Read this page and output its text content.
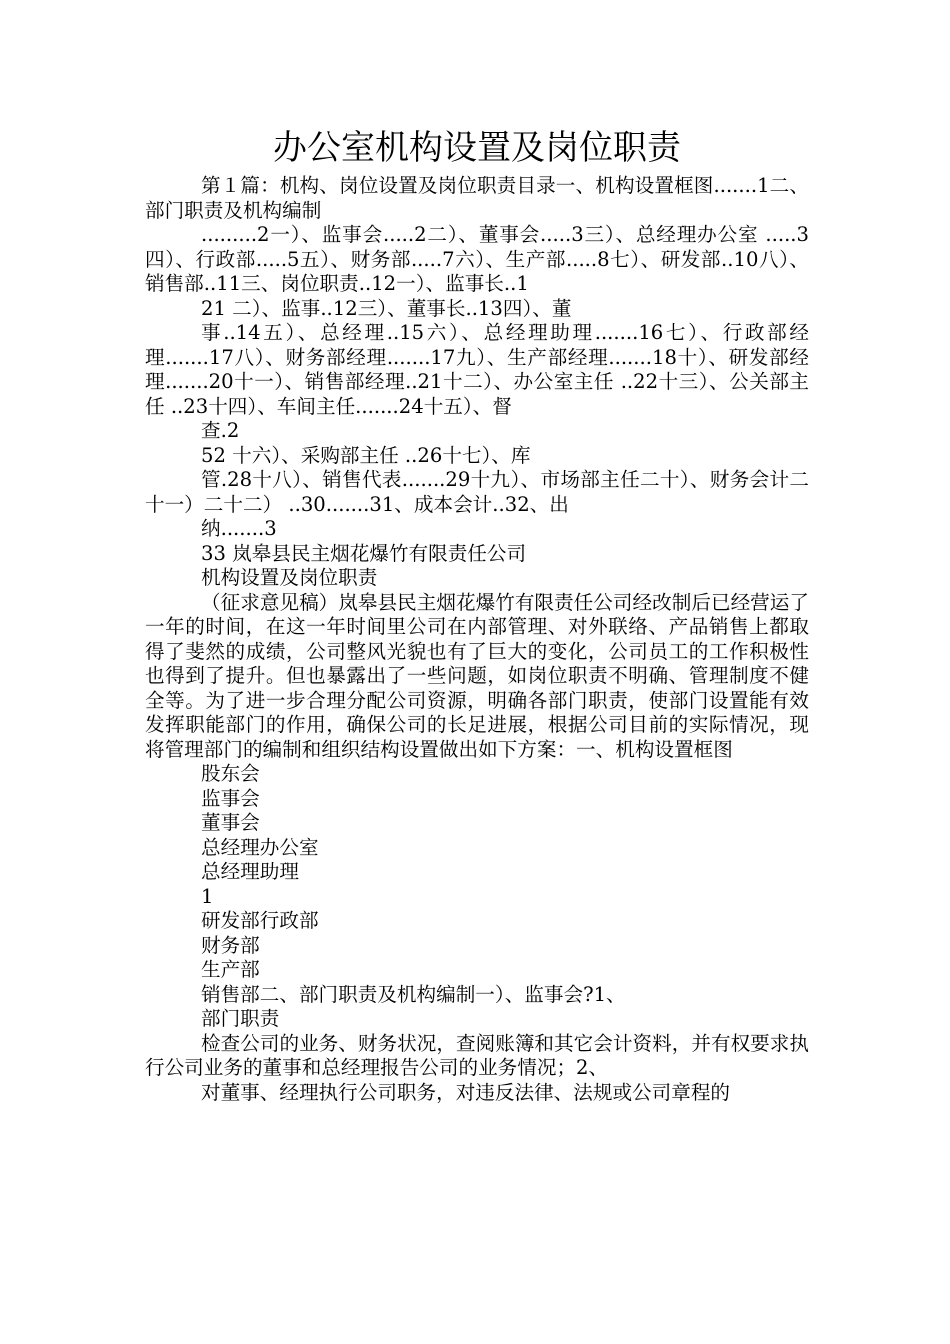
办公室机构设置及岗位职责

第１篇：机构、岗位设置及岗位职责目录一、机构设置框图.......1二、部门职责及机构编制

.........2一）、监事会.....2二）、董事会.....3三）、总经理办公室 .....3四）、行政部.....5五）、财务部.....7六）、生产部.....8七）、研发部..10八）、销售部..11三、岗位职责..12一）、监事长..1

21 二）、监事..12三）、董事长..13四）、董

事..14五）、总经理..15六）、总经理助理.......16七）、行政部经理.......17八）、财务部经理.......17九）、生产部经理.......18十）、研发部经理.......20十一）、销售部经理..21十二）、办公室主任 ..22十三）、公关部主任 ..23十四）、车间主任.......24十五）、督

查.2

52 十六）、采购部主任 ..26十七）、库

管.28十八）、销售代表.......29十九）、市场部主任二十）、财务会计二十一）二十二） ..30.......31、成本会计..32、出

纳.......3

33 岚皋县民主烟花爆竹有限责任公司

机构设置及岗位职责

（征求意见稿）岚皋县民主烟花爆竹有限责任公司经改制后已经营运了一年的时间，在这一年时间里公司在内部管理、对外联络、产品销售上都取得了斐然的成绩，公司整风光貌也有了巨大的变化，公司员工的工作积极性也得到了提升。但也暴露出了一些问题，如岗位职责不明确、管理制度不健全等。为了进一步合理分配公司资源，明确各部门职责，使部门设置能有效发挥职能部门的作用，确保公司的长足进展，根据公司目前的实际情况，现将管理部门的编制和组织结构设置做出如下方案：一、机构设置框图

股东会

监事会

董事会

总经理办公室

总经理助理

1

研发部行政部

财务部

生产部

销售部二、部门职责及机构编制一）、监事会?1、

部门职责

检查公司的业务、财务状况，查阅账簿和其它会计资料，并有权要求执行公司业务的董事和总经理报告公司的业务情况；2、

对董事、经理执行公司职务，对违反法律、法规或公司章程的
